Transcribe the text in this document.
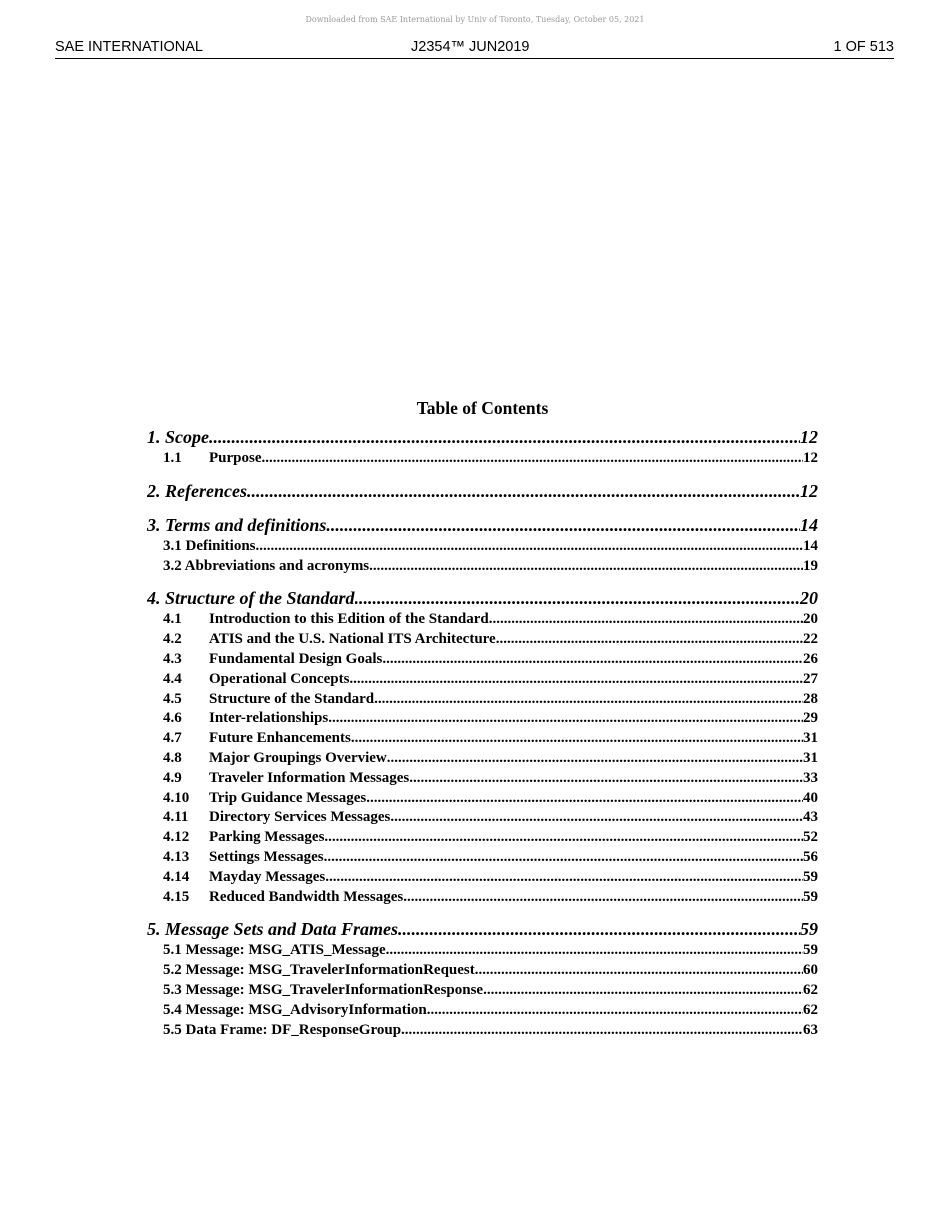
Downloaded from SAE International by Univ of Toronto, Tuesday, October 05, 2021
SAE INTERNATIONAL	J2354™ JUN2019	1 OF 513
Table of Contents
1. Scope .....	12
1.1	Purpose .....	12
2. References .....	12
3. Terms and definitions .....	14
3.1 Definitions .....	14
3.2 Abbreviations and acronyms .....	19
4. Structure of the Standard .....	20
4.1	Introduction to this Edition of the Standard .....	20
4.2	ATIS and the U.S. National ITS Architecture .....	22
4.3	Fundamental Design Goals .....	26
4.4	Operational Concepts .....	27
4.5	Structure of the Standard .....	28
4.6	Inter-relationships .....	29
4.7	Future Enhancements .....	31
4.8	Major Groupings Overview .....	31
4.9	Traveler Information Messages .....	33
4.10	Trip Guidance Messages .....	40
4.11	Directory Services Messages .....	43
4.12	Parking Messages .....	52
4.13	Settings Messages .....	56
4.14	Mayday Messages .....	59
4.15	Reduced Bandwidth Messages .....	59
5. Message Sets and Data Frames .....	59
5.1 Message: MSG_ATIS_Message .....	59
5.2 Message: MSG_TravelerInformationRequest .....	60
5.3 Message: MSG_TravelerInformationResponse .....	62
5.4 Message: MSG_AdvisoryInformation .....	62
5.5 Data Frame: DF_ResponseGroup .....	63
